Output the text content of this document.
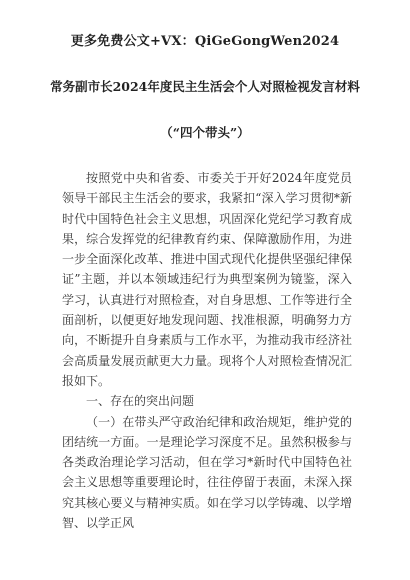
更多免费公文+VX：QiGeGongWen2024
常务副市长2024年度民主生活会个人对照检视发言材料
（“四个带头”）

按照党中央和省委、市委关于开好2024年度党员领导干部民主生活会的要求，我紧扣“深入学习贯彻*新时代中国特色社会主义思想，巩固深化党纪学习教育成果，综合发挥党的纪律教育约束、保障激励作用，为进一步全面深化改革、推进中国式现代化提供坚强纪律保证”主题，并以本领域违纪行为典型案例为镜鉴，深入学习，认真进行对照检查，对自身思想、工作等进行全面剖析，以便更好地发现问题、找准根源，明确努力方向，不断提升自身素质与工作水平，为推动我市经济社会高质量发展贡献更大力量。现将个人对照检查情况汇报如下。

一、存在的突出问题

（一）在带头严守政治纪律和政治规矩，维护党的团结统一方面。一是理论学习深度不足。虽然积极参与各类政治理论学习活动，但在学习*新时代中国特色社会主义思想等重要理论时，往往停留于表面，未深入探究其核心要义与精神实质。如在学习以学铸魂、以学增智、以学正风
